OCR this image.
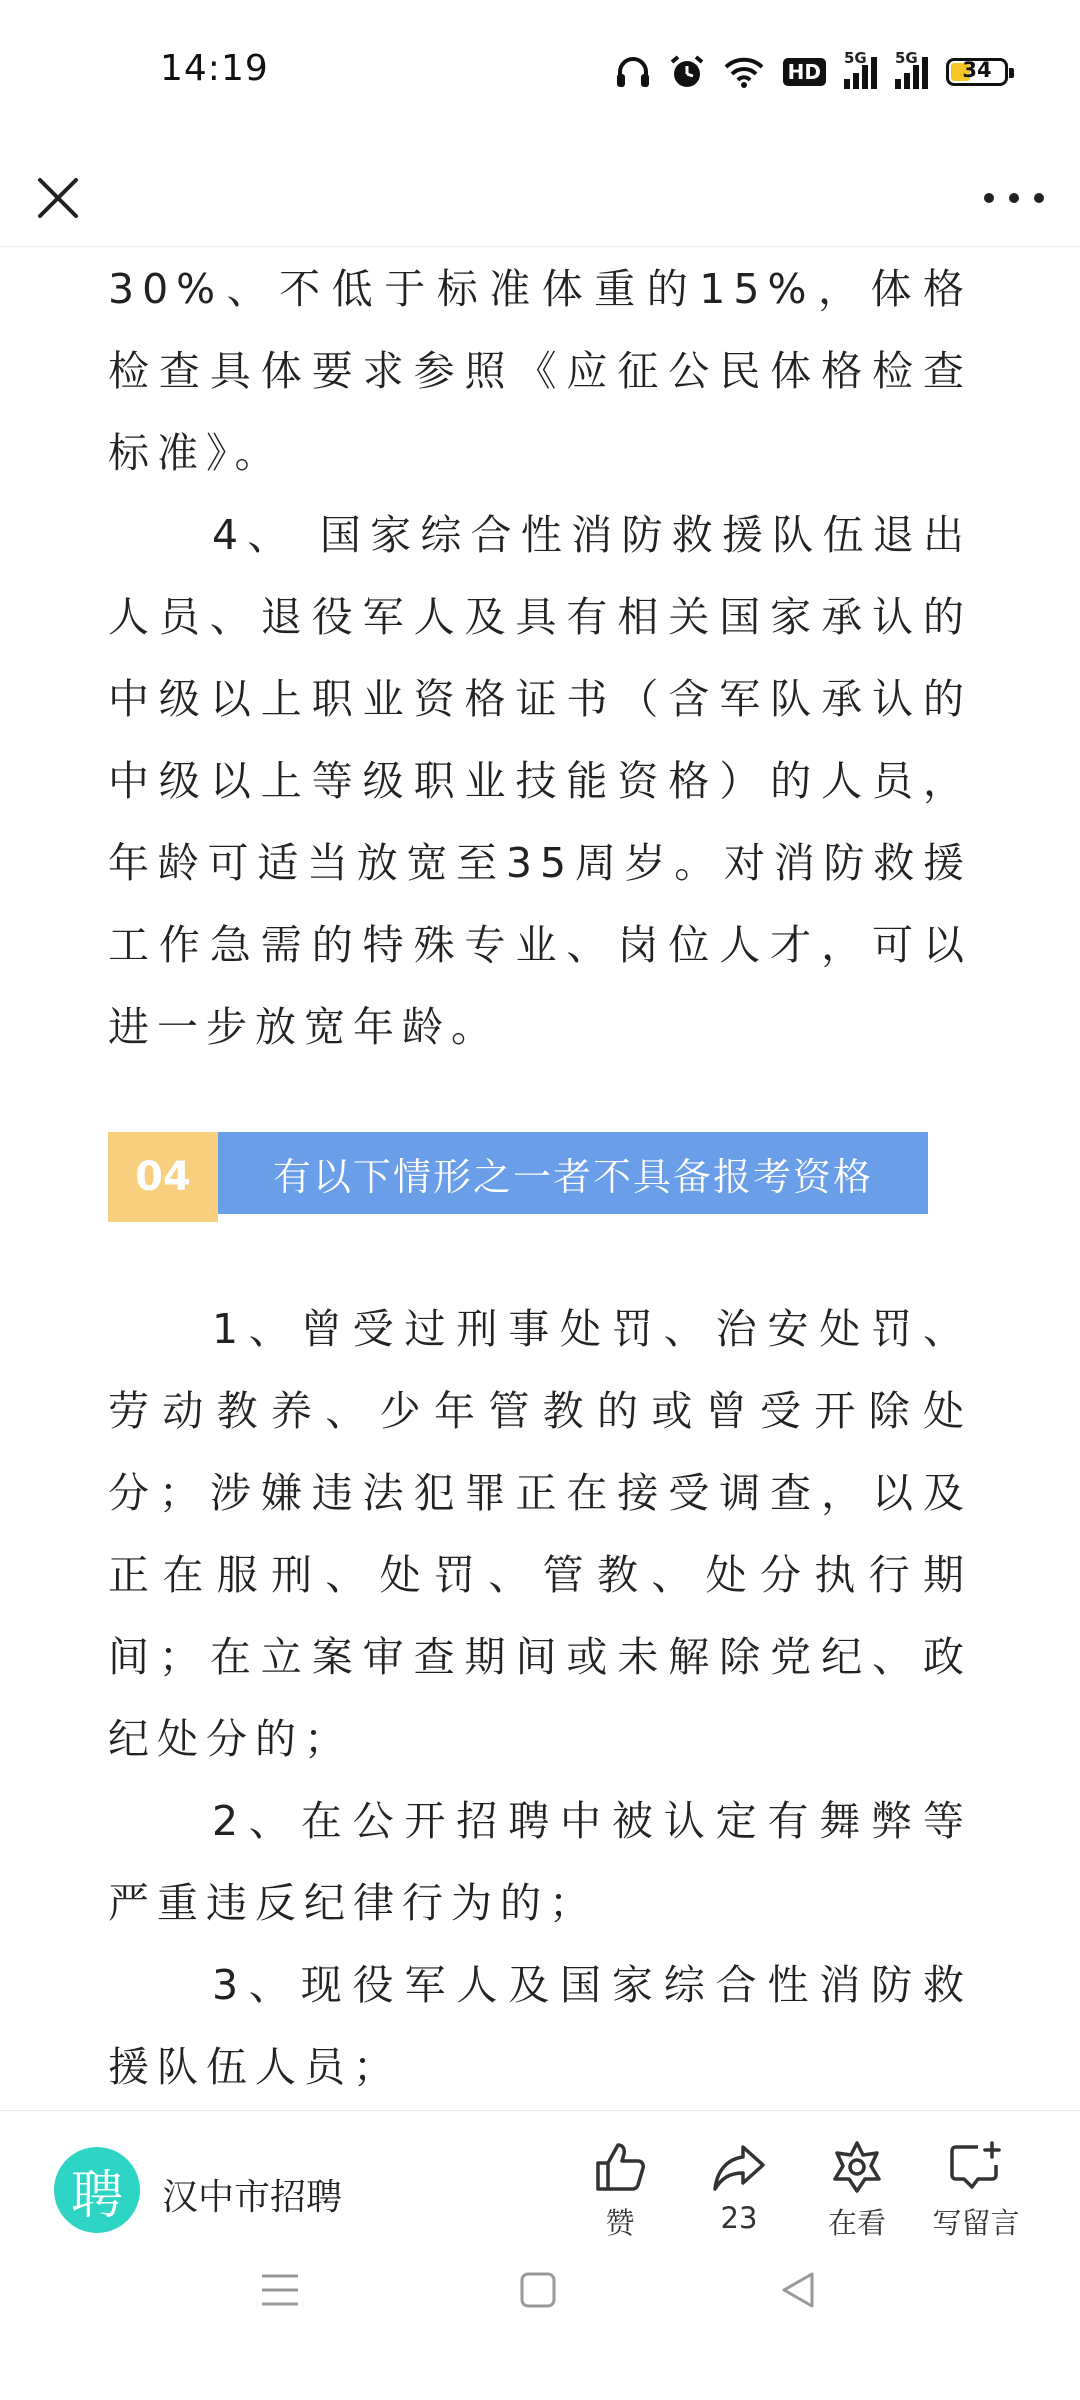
14:19	HD
5G 5G	34

30%、不低于标准体重的15%，体格检查具体要求参照《应征公民体格检查标准》。

4、 国家综合性消防救援队伍退出人员、退役军人及具有相关国家承认的中级以上职业资格证书（含军队承认的中级以上等级职业技能资格）的人员，年龄可适当放宽至35周岁。对消防救援工作急需的特殊专业、岗位人才，可以进一步放宽年龄。

04	有以下情形之一者不具备报考资格

1、曾受过刑事处罚、治安处罚、劳动教养、少年管教的或曾受开除处分；涉嫌违法犯罪正在接受调查，以及正在服刑、处罚、管教、处分执行期间；在立案审查期间或未解除党纪、政纪处分的；

2、在公开招聘中被认定有舞弊等严重违反纪律行为的；

3、现役军人及国家综合性消防救援队伍人员；

聘	汉中市招聘
赞	23	在看	写留言
